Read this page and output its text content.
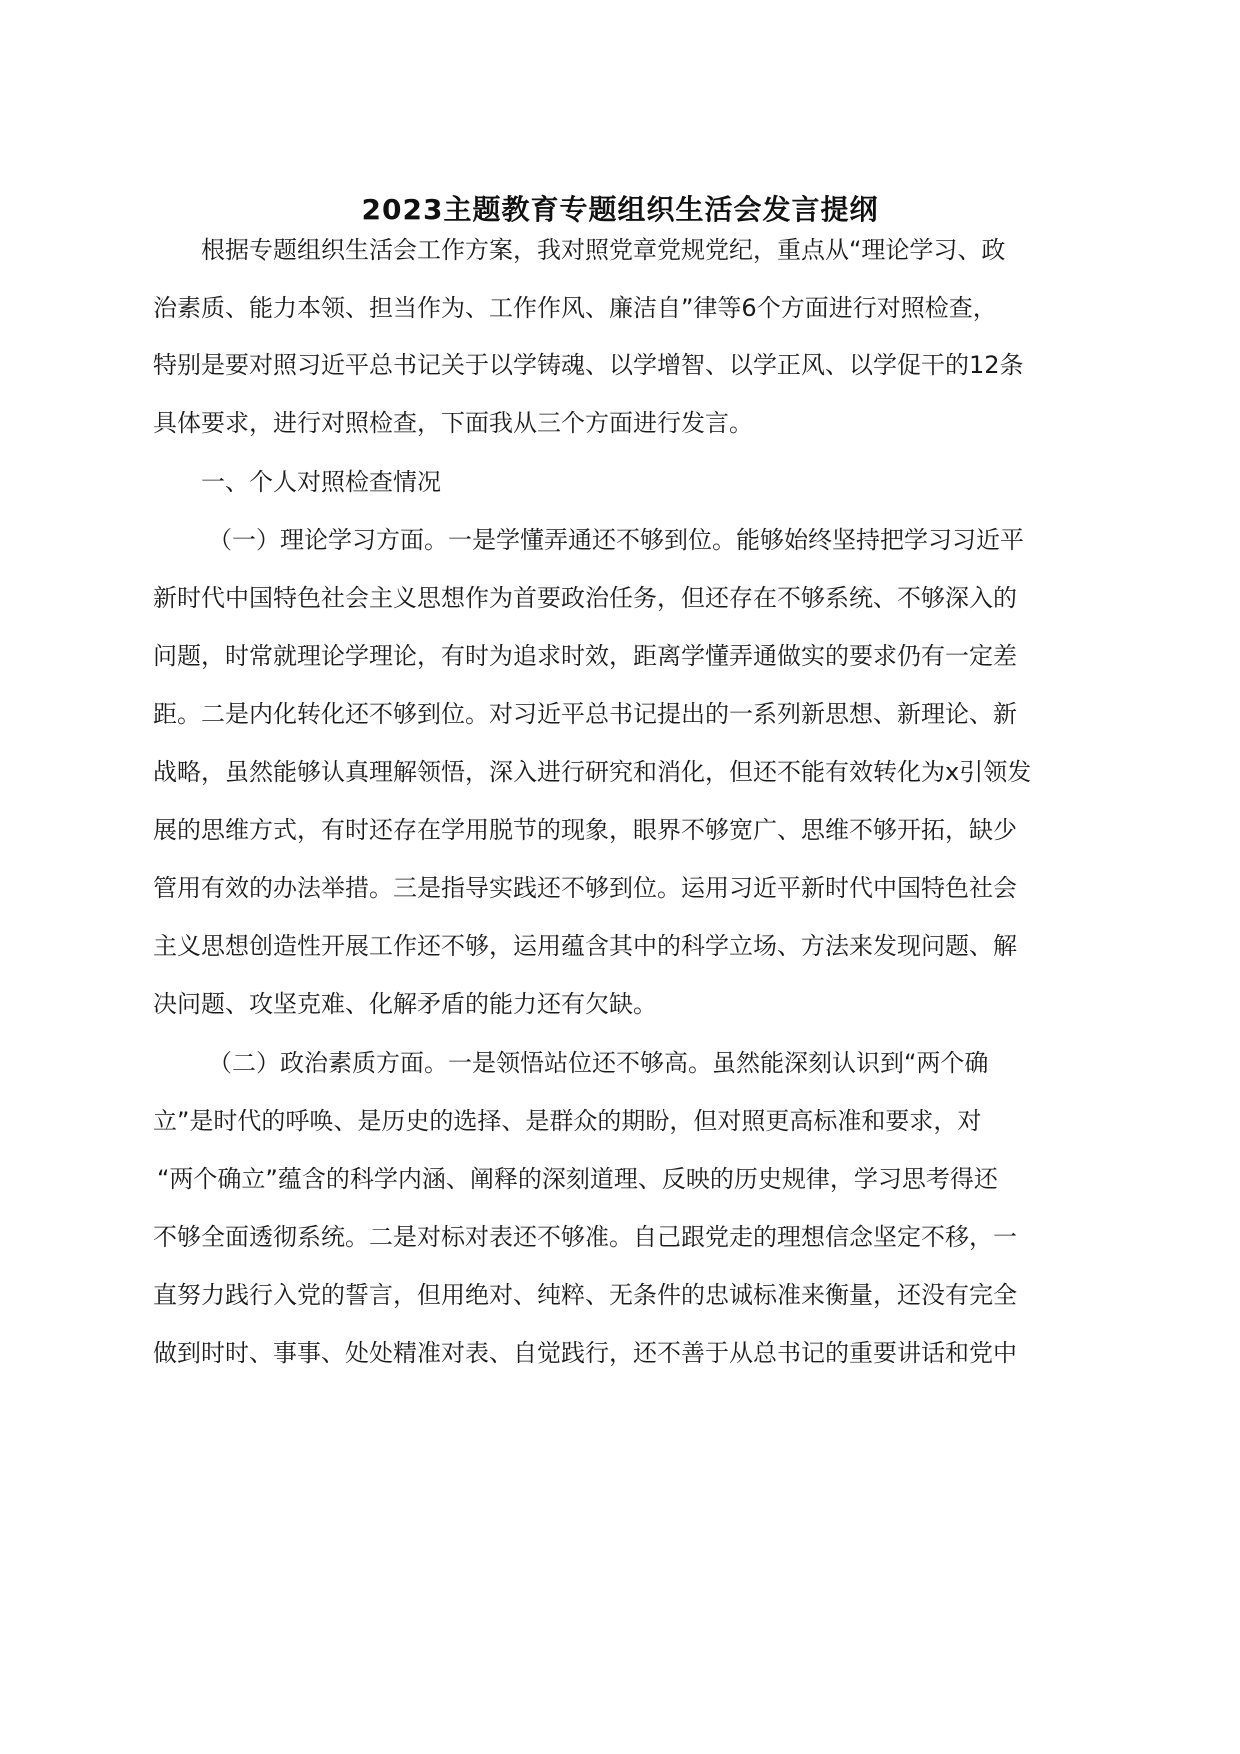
2023主题教育专题组织生活会发言提纲
根据专题组织生活会工作方案，我对照党章党规党纪，重点从“理论学习、政
治素质、能力本领、担当作为、工作作风、廉洁自”律等6个方面进行对照检查，
特别是要对照习近平总书记关于以学铸魂、以学增智、以学正风、以学促干的12条
具体要求，进行对照检查，下面我从三个方面进行发言。
一、个人对照检查情况
（一）理论学习方面。一是学懂弄通还不够到位。能够始终坚持把学习习近平
新时代中国特色社会主义思想作为首要政治任务，但还存在不够系统、不够深入的
问题，时常就理论学理论，有时为追求时效，距离学懂弄通做实的要求仍有一定差
距。二是内化转化还不够到位。对习近平总书记提出的一系列新思想、新理论、新
战略，虽然能够认真理解领悟，深入进行研究和消化，但还不能有效转化为x引领发
展的思维方式，有时还存在学用脱节的现象，眼界不够宽广、思维不够开拓，缺少
管用有效的办法举措。三是指导实践还不够到位。运用习近平新时代中国特色社会
主义思想创造性开展工作还不够，运用蕴含其中的科学立场、方法来发现问题、解
决问题、攻坚克难、化解矛盾的能力还有欠缺。
（二）政治素质方面。一是领悟站位还不够高。虽然能深刻认识到“两个确
立”是时代的呼唤、是历史的选择、是群众的期盼，但对照更高标准和要求，对
“两个确立”蕴含的科学内涵、阐释的深刻道理、反映的历史规律，学习思考得还
不够全面透彻系统。二是对标对表还不够准。自己跟党走的理想信念坚定不移，一
直努力践行入党的誓言，但用绝对、纯粹、无条件的忠诚标准来衡量，还没有完全
做到时时、事事、处处精准对表、自觉践行，还不善于从总书记的重要讲话和党中
